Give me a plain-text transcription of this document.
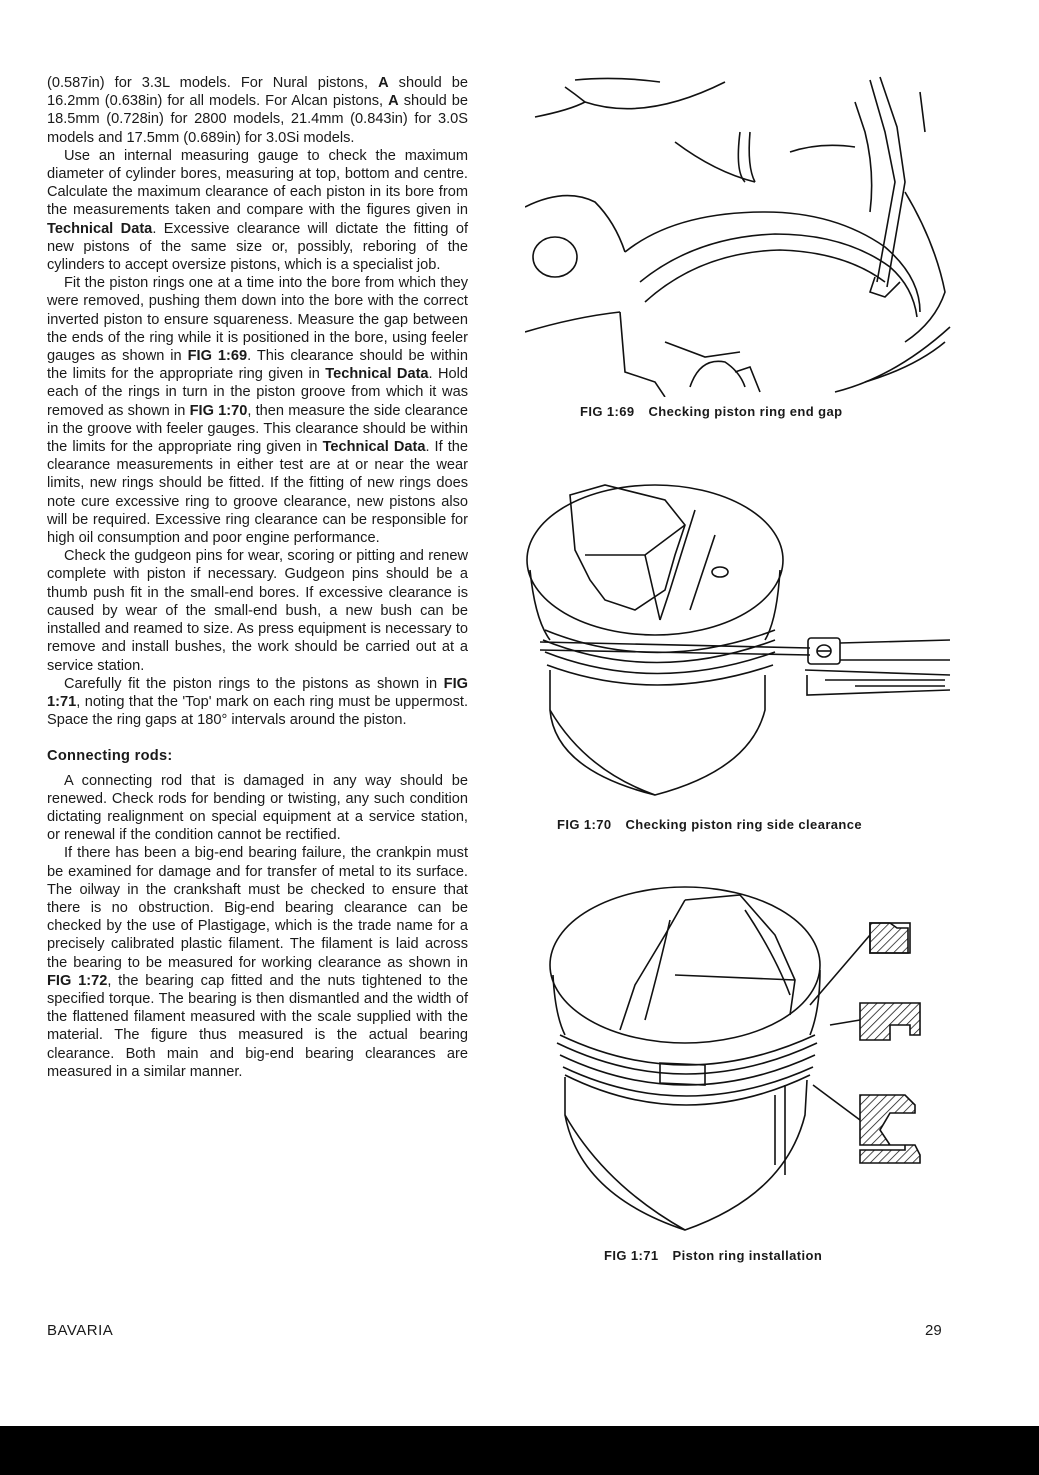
(0.587in) for 3.3L models. For Nural pistons, A should be 16.2mm (0.638in) for all models. For Alcan pistons, A should be 18.5mm (0.728in) for 2800 models, 21.4mm (0.843in) for 3.0S models and 17.5mm (0.689in) for 3.0Si models.

Use an internal measuring gauge to check the maximum diameter of cylinder bores, measuring at top, bottom and centre. Calculate the maximum clearance of each piston in its bore from the measurements taken and compare with the figures given in Technical Data. Excessive clearance will dictate the fitting of new pistons of the same size or, possibly, reboring of the cylinders to accept oversize pistons, which is a specialist job.

Fit the piston rings one at a time into the bore from which they were removed, pushing them down into the bore with the correct inverted piston to ensure squareness. Measure the gap between the ends of the ring while it is positioned in the bore, using feeler gauges as shown in FIG 1:69. This clearance should be within the limits for the appropriate ring given in Technical Data. Hold each of the rings in turn in the piston groove from which it was removed as shown in FIG 1:70, then measure the side clearance in the groove with feeler gauges. This clearance should be within the limits for the appropriate ring given in Technical Data. If the clearance measurements in either test are at or near the wear limits, new rings should be fitted. If the fitting of new rings does note cure excessive ring to groove clearance, new pistons also will be required. Excessive ring clearance can be responsible for high oil consumption and poor engine performance.

Check the gudgeon pins for wear, scoring or pitting and renew complete with piston if necessary. Gudgeon pins should be a thumb push fit in the small-end bores. If excessive clearance is caused by wear of the small-end bush, a new bush can be installed and reamed to size. As press equipment is necessary to remove and install bushes, the work should be carried out at a service station.

Carefully fit the piston rings to the pistons as shown in FIG 1:71, noting that the 'Top' mark on each ring must be uppermost. Space the ring gaps at 180° intervals around the piston.

Connecting rods:

A connecting rod that is damaged in any way should be renewed. Check rods for bending or twisting, any such condition dictating realignment on special equipment at a service station, or renewal if the condition cannot be rectified.

If there has been a big-end bearing failure, the crankpin must be examined for damage and for transfer of metal to its surface. The oilway in the crankshaft must be checked to ensure that there is no obstruction. Big-end bearing clearance can be checked by the use of Plastigage, which is the trade name for a precisely calibrated plastic filament. The filament is laid across the bearing to be measured for working clearance as shown in FIG 1:72, the bearing cap fitted and the nuts tightened to the specified torque. The bearing is then dismantled and the width of the flattened filament measured with the scale supplied with the material. The figure thus measured is the actual bearing clearance. Both main and big-end bearing clearances are measured in a similar manner.

FIG 1:69 Checking piston ring end gap
FIG 1:70 Checking piston ring side clearance
FIG 1:71 Piston ring installation
BAVARIA	29
